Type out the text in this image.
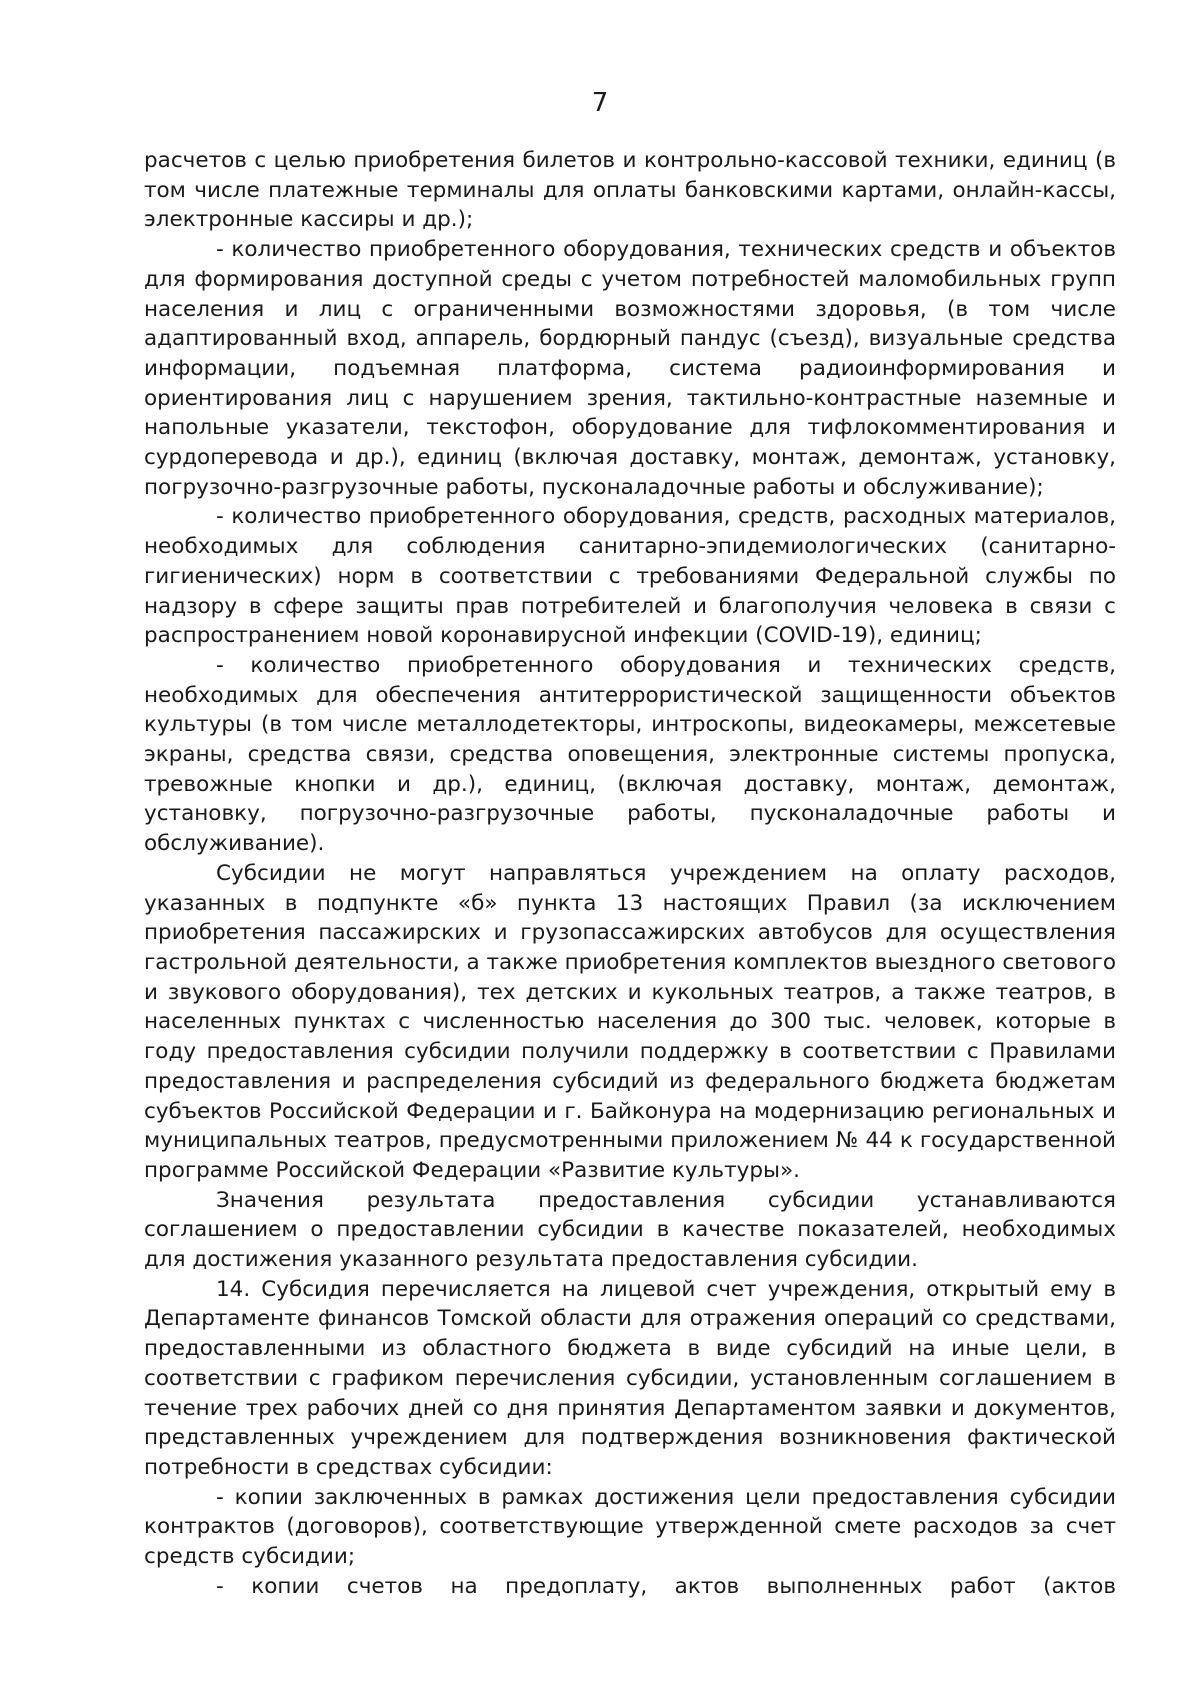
7

расчетов с целью приобретения билетов и контрольно-кассовой техники, единиц (в том числе платежные терминалы для оплаты банковскими картами, онлайн-кассы, электронные кассиры и др.);

- количество приобретенного оборудования, технических средств и объектов для формирования доступной среды с учетом потребностей маломобильных групп населения и лиц с ограниченными возможностями здоровья, (в том числе адаптированный вход, аппарель, бордюрный пандус (съезд), визуальные средства информации, подъемная платформа, система радиоинформирования и ориентирования лиц с нарушением зрения, тактильно-контрастные наземные и напольные указатели, текстофон, оборудование для тифлокомментирования и сурдоперевода и др.), единиц (включая доставку, монтаж, демонтаж, установку, погрузочно-разгрузочные работы, пусконаладочные работы и обслуживание);

- количество приобретенного оборудования, средств, расходных материалов, необходимых для соблюдения санитарно-эпидемиологических (санитарно-гигиенических) норм в соответствии с требованиями Федеральной службы по надзору в сфере защиты прав потребителей и благополучия человека в связи с распространением новой коронавирусной инфекции (COVID-19), единиц;

- количество приобретенного оборудования и технических средств, необходимых для обеспечения антитеррористической защищенности объектов культуры (в том числе металлодетекторы, интроскопы, видеокамеры, межсетевые экраны, средства связи, средства оповещения, электронные системы пропуска, тревожные кнопки и др.), единиц, (включая доставку, монтаж, демонтаж, установку, погрузочно-разгрузочные работы, пусконаладочные работы и обслуживание).

Субсидии не могут направляться учреждением на оплату расходов, указанных в подпункте «б» пункта 13 настоящих Правил (за исключением приобретения пассажирских и грузопассажирских автобусов для осуществления гастрольной деятельности, а также приобретения комплектов выездного светового и звукового оборудования), тех детских и кукольных театров, а также театров, в населенных пунктах с численностью населения до 300 тыс. человек, которые в году предоставления субсидии получили поддержку в соответствии с Правилами предоставления и распределения субсидий из федерального бюджета бюджетам субъектов Российской Федерации и г. Байконура на модернизацию региональных и муниципальных театров, предусмотренными приложением № 44 к государственной программе Российской Федерации «Развитие культуры».

Значения результата предоставления субсидии устанавливаются соглашением о предоставлении субсидии в качестве показателей, необходимых для достижения указанного результата предоставления субсидии.

14. Субсидия перечисляется на лицевой счет учреждения, открытый ему в Департаменте финансов Томской области для отражения операций со средствами, предоставленными из областного бюджета в виде субсидий на иные цели, в соответствии с графиком перечисления субсидии, установленным соглашением в течение трех рабочих дней со дня принятия Департаментом заявки и документов, представленных учреждением для подтверждения возникновения фактической потребности в средствах субсидии:

- копии заключенных в рамках достижения цели предоставления субсидии контрактов (договоров), соответствующие утвержденной смете расходов за счет средств субсидии;

- копии счетов на предоплату, актов выполненных работ (актов
